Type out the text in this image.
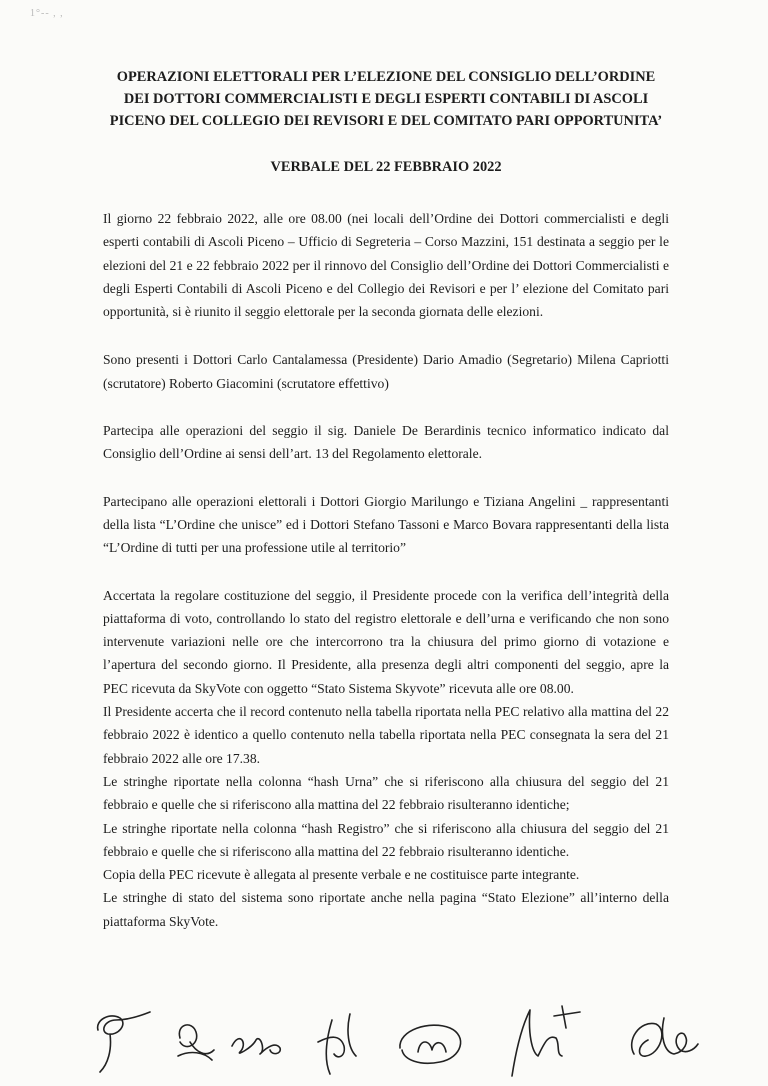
1°-- , ,
OPERAZIONI ELETTORALI PER L’ELEZIONE DEL CONSIGLIO DELL’ORDINE DEI DOTTORI COMMERCIALISTI E DEGLI ESPERTI CONTABILI DI ASCOLI PICENO DEL COLLEGIO DEI REVISORI E DEL COMITATO PARI OPPORTUNITA’
VERBALE DEL 22 FEBBRAIO 2022

Il giorno 22 febbraio 2022, alle ore 08.00 (nei locali dell’Ordine dei Dottori commercialisti e degli esperti contabili di Ascoli Piceno – Ufficio di Segreteria – Corso Mazzini, 151 destinata a seggio per le elezioni del 21 e 22 febbraio 2022 per il rinnovo del Consiglio dell’Ordine dei Dottori Commercialisti e degli Esperti Contabili di Ascoli Piceno e del Collegio dei Revisori e per l’ elezione del Comitato pari opportunità, si è riunito il seggio elettorale per la seconda giornata delle elezioni.

Sono presenti i Dottori Carlo Cantalamessa (Presidente) Dario Amadio (Segretario) Milena Capriotti (scrutatore) Roberto Giacomini (scrutatore effettivo)

Partecipa alle operazioni del seggio il sig. Daniele De Berardinis tecnico informatico indicato dal Consiglio dell’Ordine ai sensi dell’art. 13 del Regolamento elettorale.

Partecipano alle operazioni elettorali i Dottori Giorgio Marilungo e Tiziana Angelini _ rappresentanti della lista “L’Ordine che unisce” ed i Dottori Stefano Tassoni e Marco Bovara rappresentanti della lista “L’Ordine di tutti per una professione utile al territorio”

Accertata la regolare costituzione del seggio, il Presidente procede con la verifica dell’integrità della piattaforma di voto, controllando lo stato del registro elettorale e dell’urna e verificando che non sono intervenute variazioni nelle ore che intercorrono tra la chiusura del primo giorno di votazione e l’apertura del secondo giorno. Il Presidente, alla presenza degli altri componenti del seggio, apre la PEC ricevuta da SkyVote con oggetto “Stato Sistema Skyvote” ricevuta alle ore 08.00.

Il Presidente accerta che il record contenuto nella tabella riportata nella PEC relativo alla mattina del 22 febbraio 2022 è identico a quello contenuto nella tabella riportata nella PEC consegnata la sera del 21 febbraio 2022 alle ore 17.38.

Le stringhe riportate nella colonna “hash Urna” che si riferiscono alla chiusura del seggio del 21 febbraio e quelle che si riferiscono alla mattina del 22 febbraio risulteranno identiche;

Le stringhe riportate nella colonna “hash Registro” che si riferiscono alla chiusura del seggio del 21 febbraio e quelle che si riferiscono alla mattina del 22 febbraio risulteranno identiche.

Copia della PEC ricevute è allegata al presente verbale e ne costituisce parte integrante.

Le stringhe di stato del sistema sono riportate anche nella pagina “Stato Elezione” all’interno della piattaforma SkyVote.
